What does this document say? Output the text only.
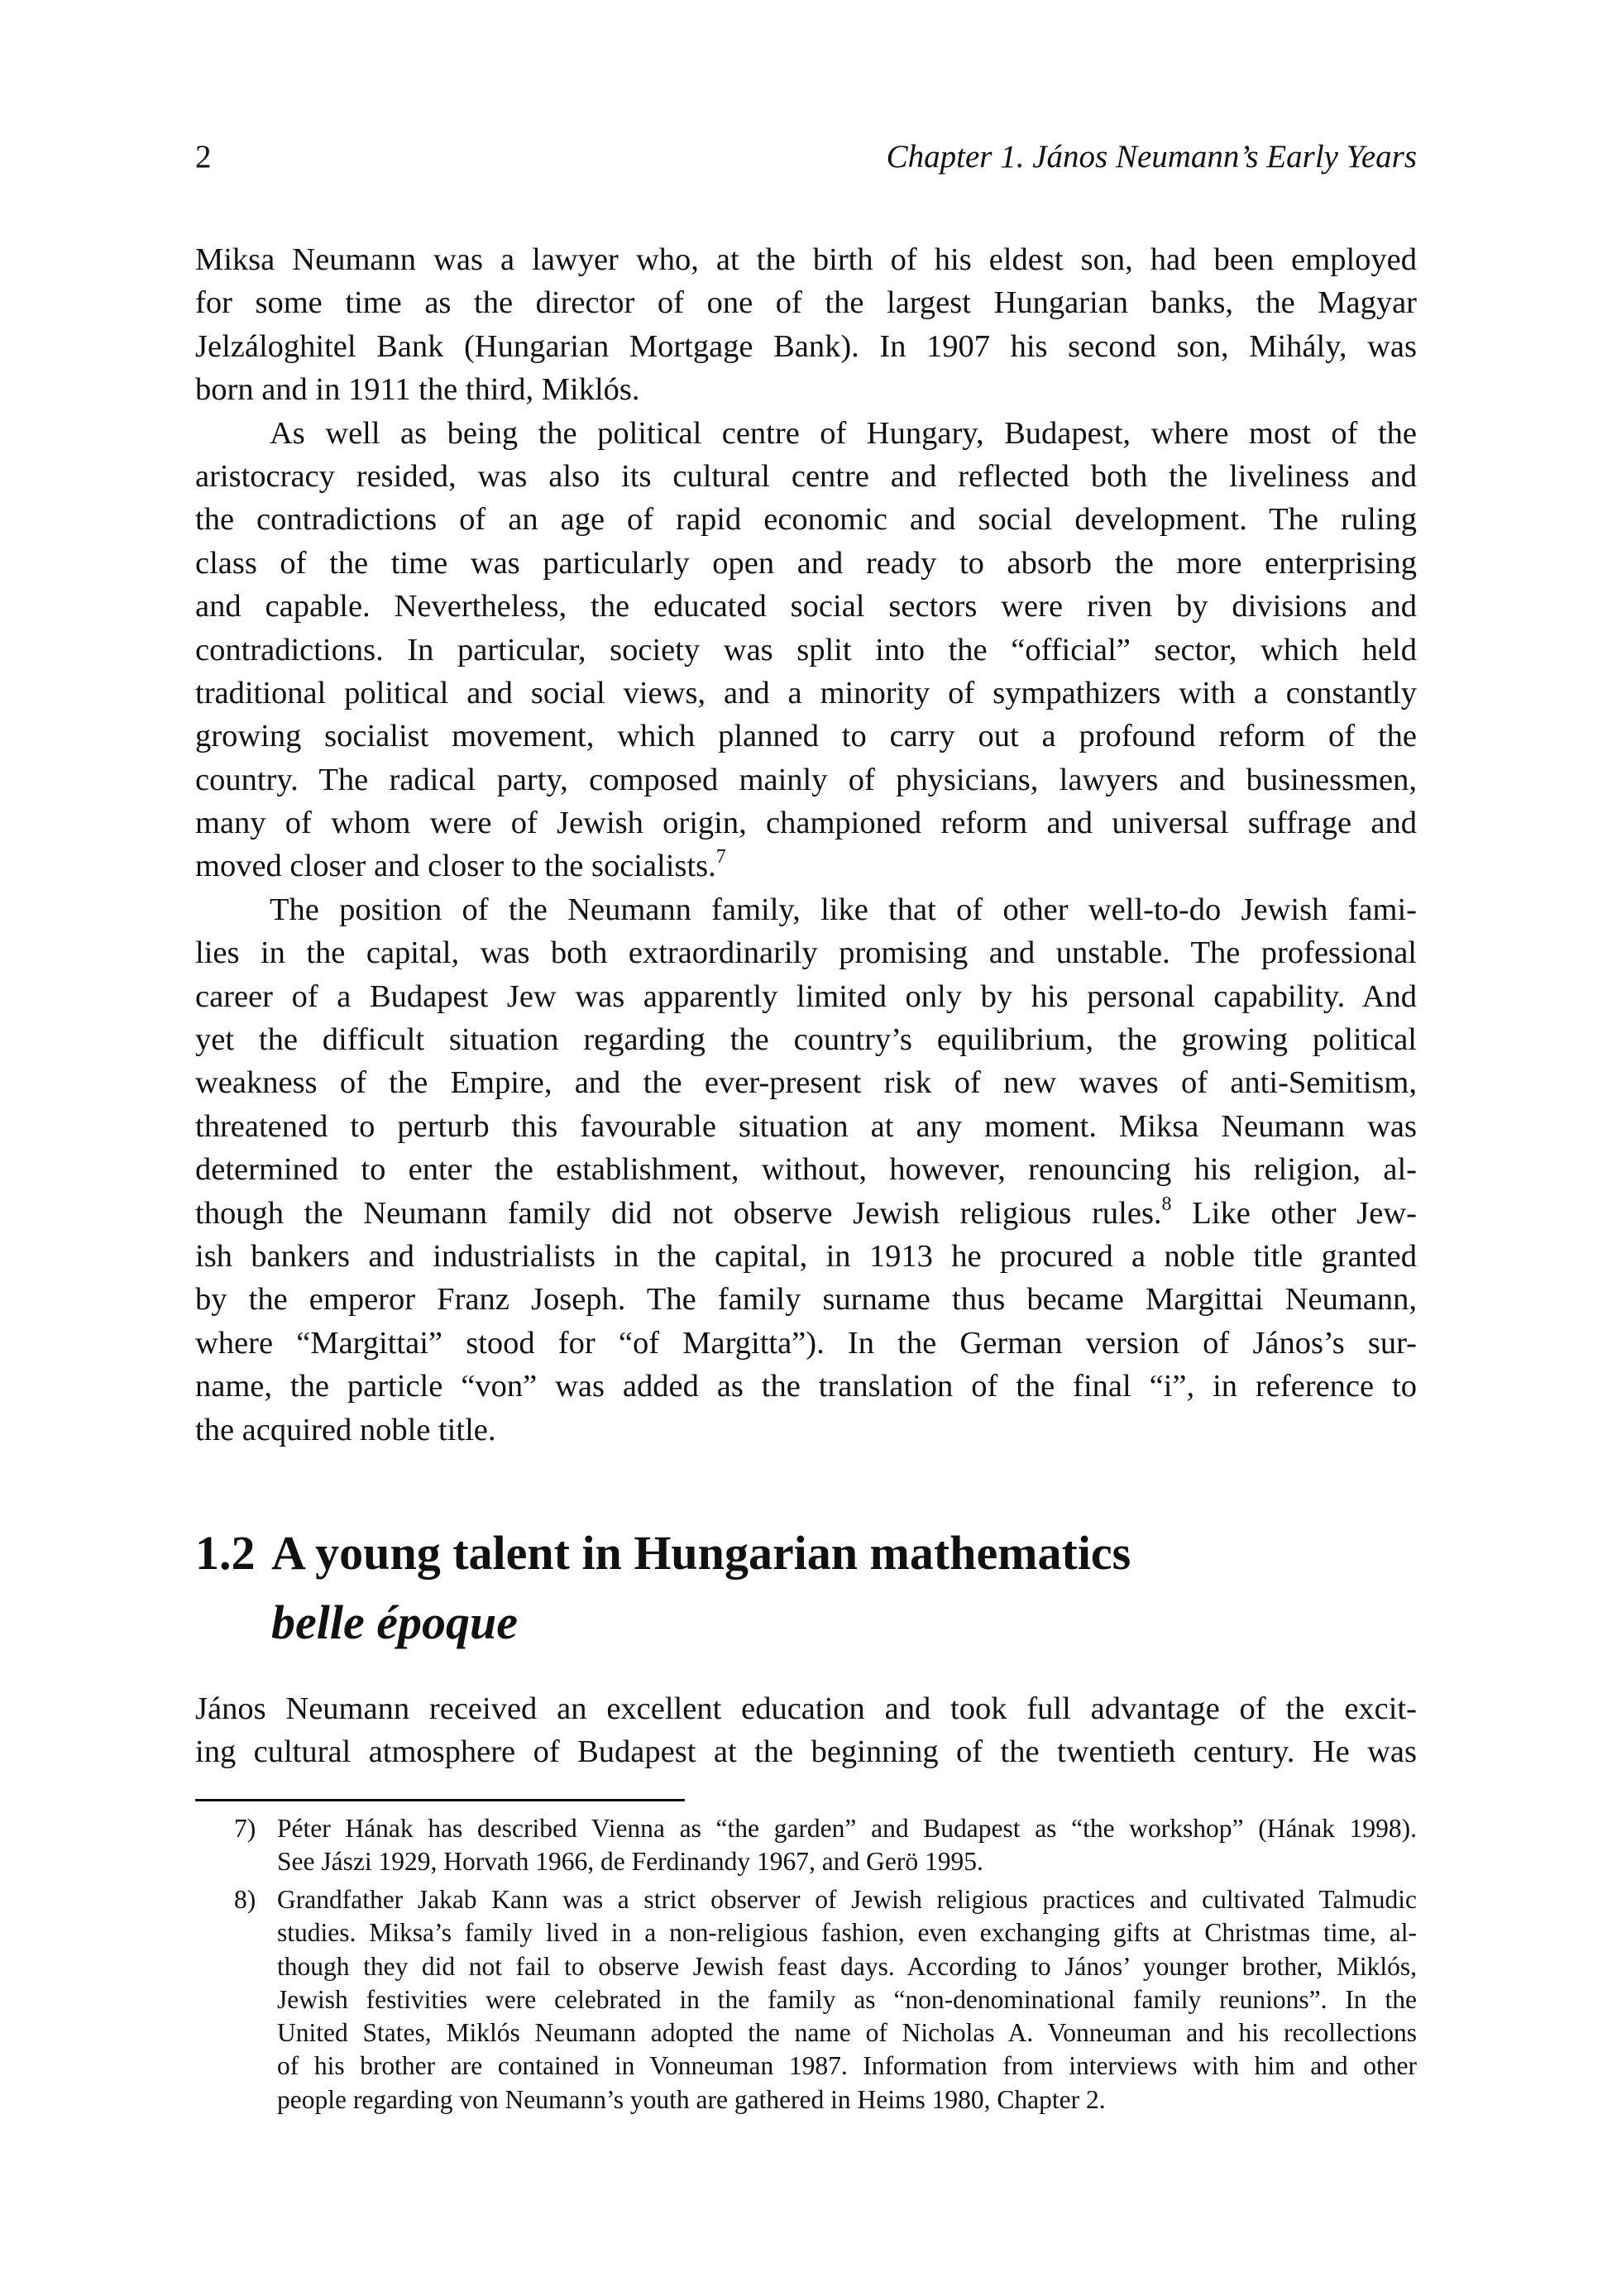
2	Chapter 1. János Neumann’s Early Years
Miksa Neumann was a lawyer who, at the birth of his eldest son, had been employed
for some time as the director of one of the largest Hungarian banks, the Magyar
Jelzáloghitel Bank (Hungarian Mortgage Bank). In 1907 his second son, Mihály, was
born and in 1911 the third, Miklós.
As well as being the political centre of Hungary, Budapest, where most of the
aristocracy resided, was also its cultural centre and reflected both the liveliness and
the contradictions of an age of rapid economic and social development. The ruling
class of the time was particularly open and ready to absorb the more enterprising
and capable. Nevertheless, the educated social sectors were riven by divisions and
contradictions. In particular, society was split into the “official” sector, which held
traditional political and social views, and a minority of sympathizers with a constantly
growing socialist movement, which planned to carry out a profound reform of the
country. The radical party, composed mainly of physicians, lawyers and businessmen,
many of whom were of Jewish origin, championed reform and universal suffrage and
moved closer and closer to the socialists.$^7$
The position of the Neumann family, like that of other well-to-do Jewish fami-
lies in the capital, was both extraordinarily promising and unstable. The professional
career of a Budapest Jew was apparently limited only by his personal capability. And
yet the difficult situation regarding the country’s equilibrium, the growing political
weakness of the Empire, and the ever-present risk of new waves of anti-Semitism,
threatened to perturb this favourable situation at any moment. Miksa Neumann was
determined to enter the establishment, without, however, renouncing his religion, al-
though the Neumann family did not observe Jewish religious rules.$^8$ Like other Jew-
ish bankers and industrialists in the capital, in 1913 he procured a noble title granted
by the emperor Franz Joseph. The family surname thus became Margittai Neumann,
where “Margittai” stood for “of Margitta”). In the German version of János’s sur-
name, the particle “von” was added as the translation of the final “i”, in reference to
the acquired noble title.
1.2 A young talent in Hungarian mathematics
belle époque
János Neumann received an excellent education and took full advantage of the excit-
ing cultural atmosphere of Budapest at the beginning of the twentieth century. He was
7) Péter Hának has described Vienna as “the garden” and Budapest as “the workshop” (Hának 1998).
See Jászi 1929, Horvath 1966, de Ferdinandy 1967, and Gerö 1995.
8) Grandfather Jakab Kann was a strict observer of Jewish religious practices and cultivated Talmudic
studies. Miksa’s family lived in a non-religious fashion, even exchanging gifts at Christmas time, al-
though they did not fail to observe Jewish feast days. According to János’ younger brother, Miklós,
Jewish festivities were celebrated in the family as “non-denominational family reunions”. In the
United States, Miklós Neumann adopted the name of Nicholas A. Vonneuman and his recollections
of his brother are contained in Vonneuman 1987. Information from interviews with him and other
people regarding von Neumann’s youth are gathered in Heims 1980, Chapter 2.
